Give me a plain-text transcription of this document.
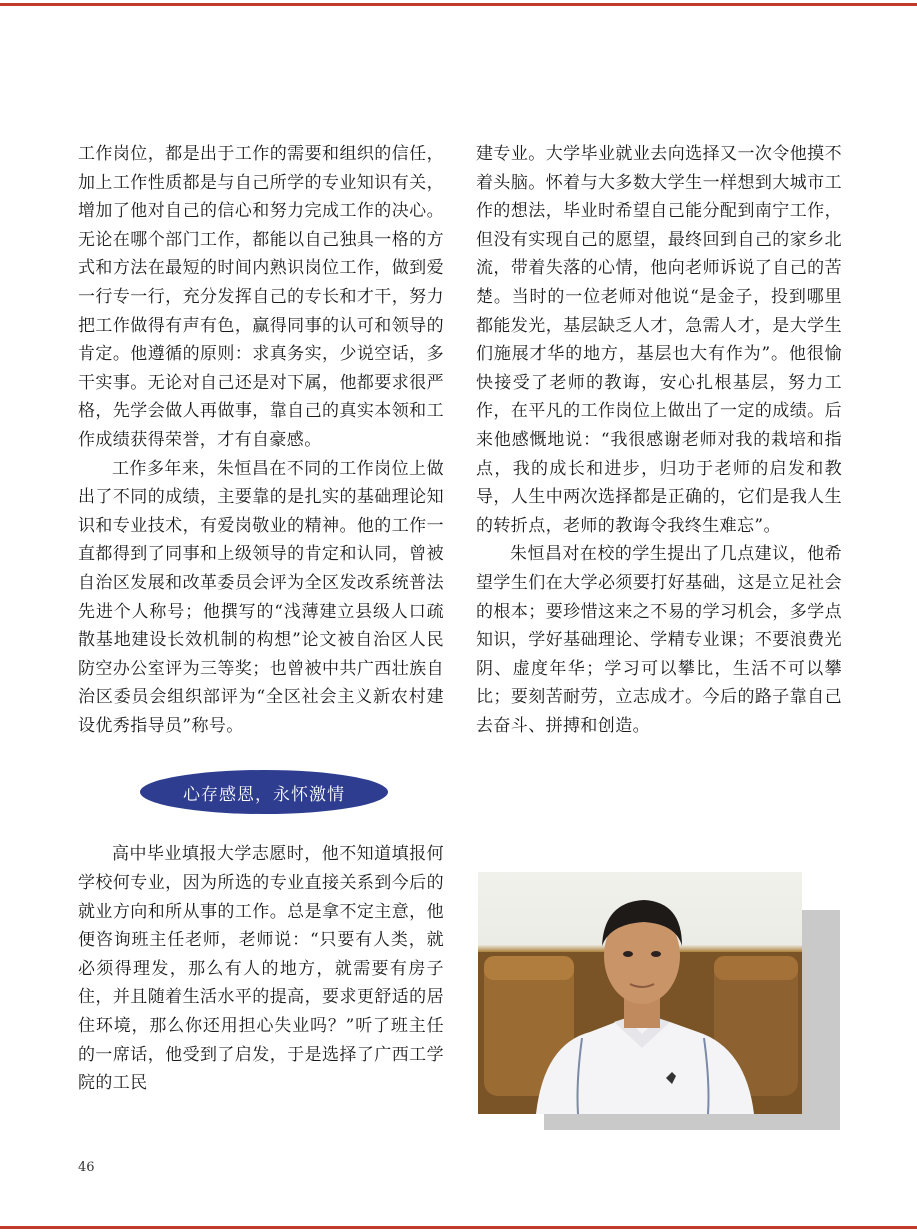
工作岗位，都是出于工作的需要和组织的信任，加上工作性质都是与自己所学的专业知识有关，增加了他对自己的信心和努力完成工作的决心。无论在哪个部门工作，都能以自己独具一格的方式和方法在最短的时间内熟识岗位工作，做到爱一行专一行，充分发挥自己的专长和才干，努力把工作做得有声有色，赢得同事的认可和领导的肯定。他遵循的原则：求真务实，少说空话，多干实事。无论对自己还是对下属，他都要求很严格，先学会做人再做事，靠自己的真实本领和工作成绩获得荣誉，才有自豪感。

工作多年来，朱恒昌在不同的工作岗位上做出了不同的成绩，主要靠的是扎实的基础理论知识和专业技术，有爱岗敬业的精神。他的工作一直都得到了同事和上级领导的肯定和认同，曾被自治区发展和改革委员会评为全区发改系统普法先进个人称号；他撰写的“浅薄建立县级人口疏散基地建设长效机制的构想”论文被自治区人民防空办公室评为三等奖；也曾被中共广西壮族自治区委员会组织部评为“全区社会主义新农村建设优秀指导员”称号。

心存感恩，永怀激情

高中毕业填报大学志愿时，他不知道填报何学校何专业，因为所选的专业直接关系到今后的就业方向和所从事的工作。总是拿不定主意，他便咨询班主任老师，老师说：“只要有人类，就必须得理发，那么有人的地方，就需要有房子住，并且随着生活水平的提高，要求更舒适的居住环境，那么你还用担心失业吗？”听了班主任的一席话，他受到了启发，于是选择了广西工学院的工民

建专业。大学毕业就业去向选择又一次令他摸不着头脑。怀着与大多数大学生一样想到大城市工作的想法，毕业时希望自己能分配到南宁工作，但没有实现自己的愿望，最终回到自己的家乡北流，带着失落的心情，他向老师诉说了自己的苦楚。当时的一位老师对他说“是金子，投到哪里都能发光，基层缺乏人才，急需人才，是大学生们施展才华的地方，基层也大有作为”。他很愉快接受了老师的教诲，安心扎根基层，努力工作，在平凡的工作岗位上做出了一定的成绩。后来他感慨地说：“我很感谢老师对我的栽培和指点，我的成长和进步，归功于老师的启发和教导，人生中两次选择都是正确的，它们是我人生的转折点，老师的教诲令我终生难忘”。

朱恒昌对在校的学生提出了几点建议，他希望学生们在大学必须要打好基础，这是立足社会的根本；要珍惜这来之不易的学习机会，多学点知识，学好基础理论、学精专业课；不要浪费光阴、虚度年华；学习可以攀比，生活不可以攀比；要刻苦耐劳，立志成才。今后的路子靠自己去奋斗、拼搏和创造。

46
